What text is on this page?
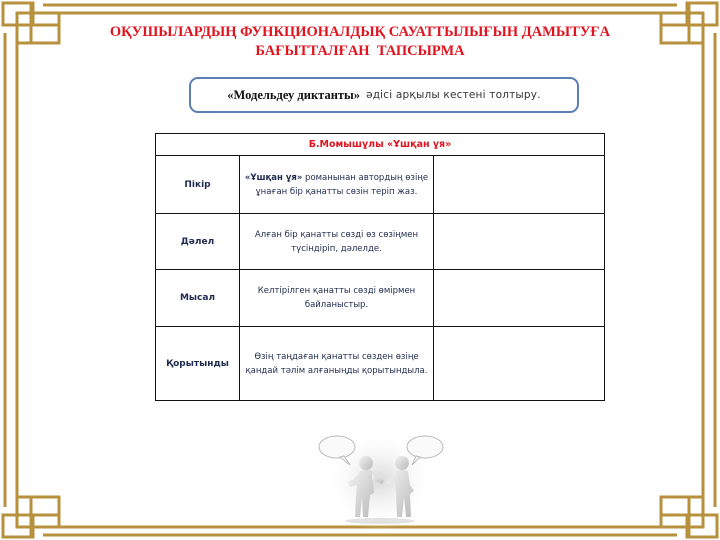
ОҚУШЫЛАРДЫҢ ФУНКЦИОНАЛДЫҚ САУАТТЫЛЫҒЫН ДАМЫТУҒА
БАҒЫТТАЛҒАН  ТАПСЫРМА
«Модельдеу диктанты» әдісі арқылы кестені толтыру.
Б.Момышұлы «Ұшқан ұя»		
Пікір	«Ұшқан ұя» романынан автордың өзіңе ұнаған бір қанатты сөзін теріп жаз.	
Дәлел	Алған бір қанатты сөзді өз сөзіңмен түсіндіріп, дәлелде.	
Мысал	Келтірілген қанатты сөзді өмірмен байланыстыр.	
Қорытынды	Өзің таңдаған қанатты сөзден өзіңе қандай тәлім алғаныңды қорытындыла.	
